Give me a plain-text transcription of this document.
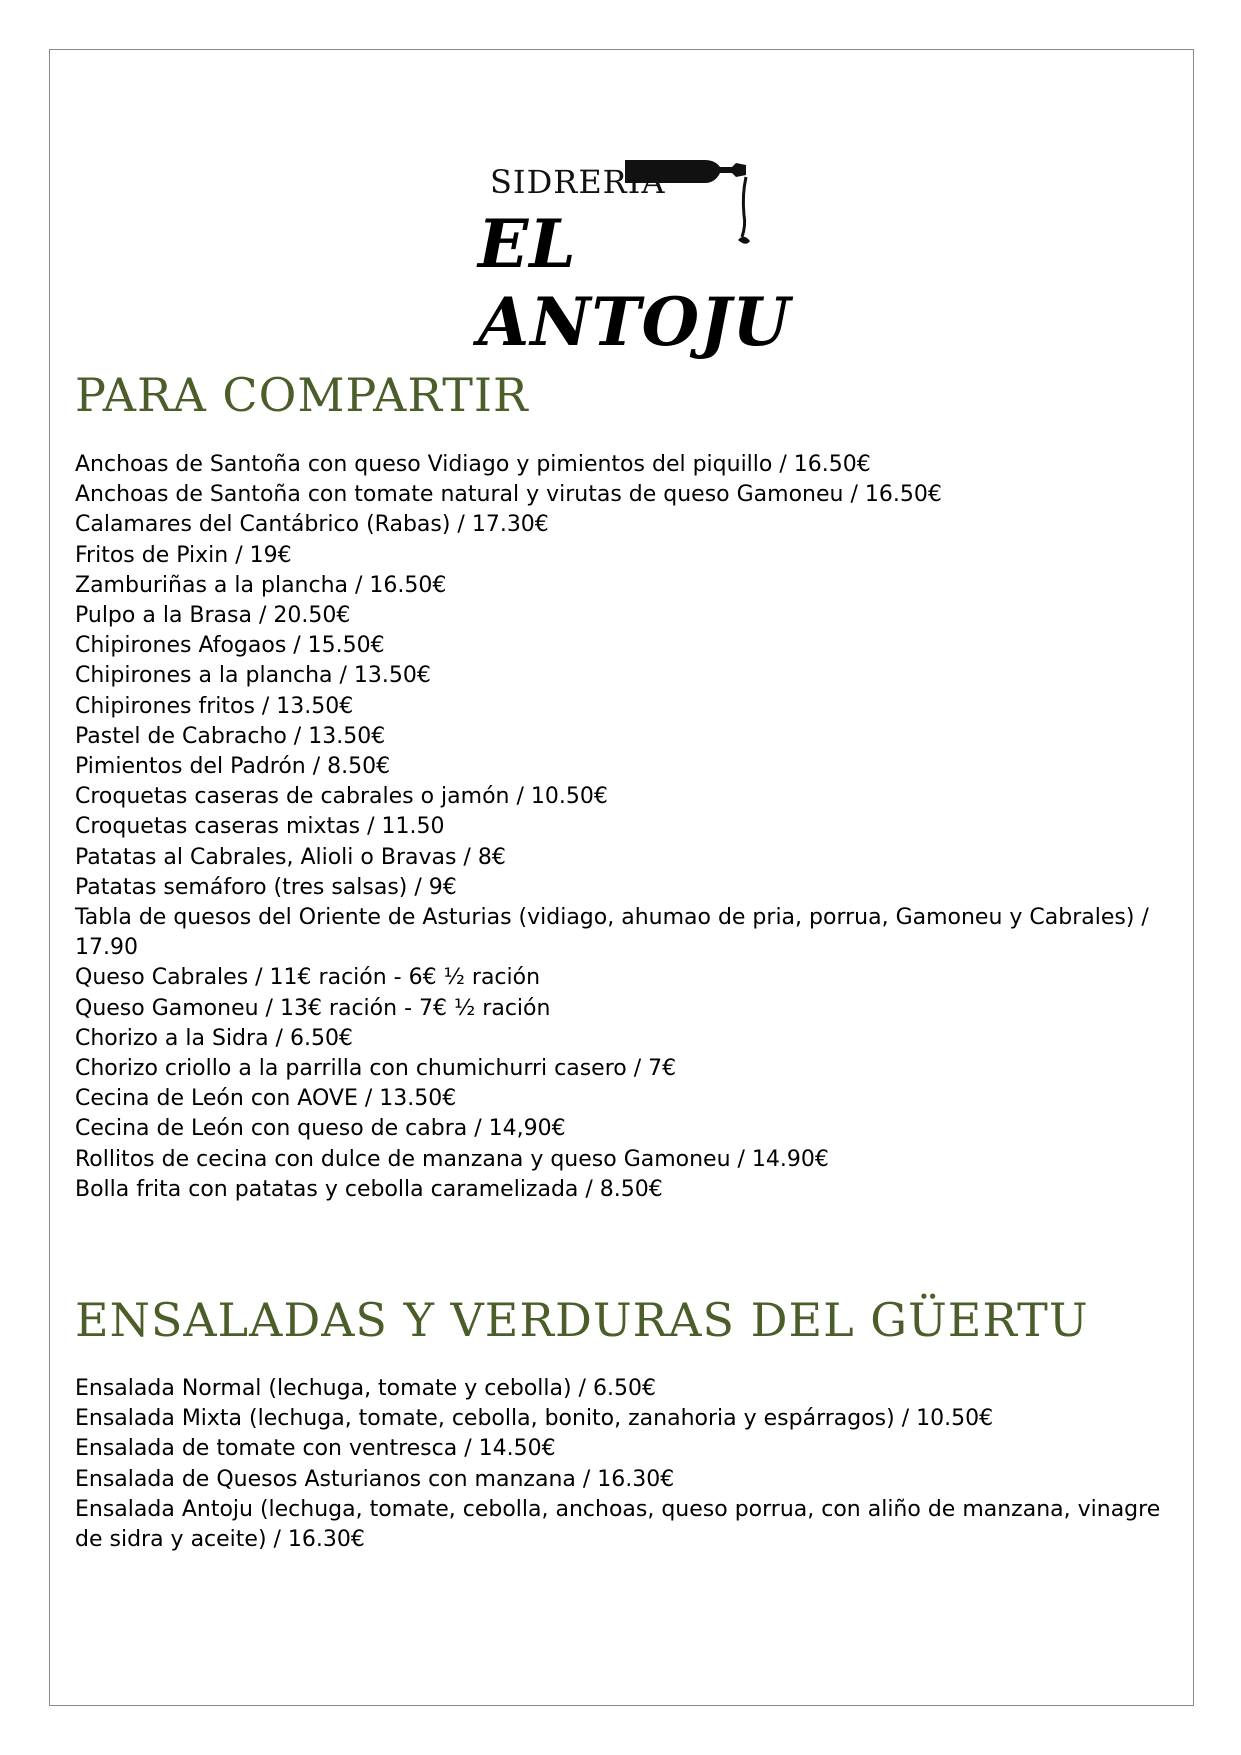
SIDRERIA
EL ANTOJU
PARA COMPARTIR
Anchoas de Santoña con queso Vidiago y pimientos del piquillo / 16.50€
Anchoas de Santoña con tomate natural y virutas de queso Gamoneu / 16.50€
Calamares del Cantábrico (Rabas) / 17.30€
Fritos de Pixin / 19€
Zamburiñas a la plancha / 16.50€
Pulpo a la Brasa / 20.50€
Chipirones Afogaos / 15.50€
Chipirones a la plancha / 13.50€
Chipirones fritos / 13.50€
Pastel de Cabracho / 13.50€
Pimientos del Padrón / 8.50€
Croquetas caseras de cabrales o jamón / 10.50€
Croquetas caseras mixtas / 11.50
Patatas al Cabrales, Alioli o Bravas / 8€
Patatas semáforo (tres salsas) / 9€
Tabla de quesos del Oriente de Asturias (vidiago, ahumao de pria, porrua, Gamoneu y Cabrales) / 17.90
Queso Cabrales / 11€ ración - 6€ ½ ración
Queso Gamoneu / 13€ ración - 7€ ½ ración
Chorizo a la Sidra / 6.50€
Chorizo criollo a la parrilla con chumichurri casero / 7€
Cecina de León con AOVE / 13.50€
Cecina de León con queso de cabra / 14,90€
Rollitos de cecina con dulce de manzana y queso Gamoneu / 14.90€
Bolla frita con patatas y cebolla caramelizada / 8.50€
ENSALADAS Y VERDURAS DEL GÜERTU
Ensalada Normal (lechuga, tomate y cebolla) / 6.50€
Ensalada Mixta (lechuga, tomate, cebolla, bonito, zanahoria y espárragos) / 10.50€
Ensalada de tomate con ventresca / 14.50€
Ensalada de Quesos Asturianos con manzana / 16.30€
Ensalada Antoju (lechuga, tomate, cebolla, anchoas, queso porrua, con aliño de manzana, vinagre de sidra y aceite) / 16.30€
